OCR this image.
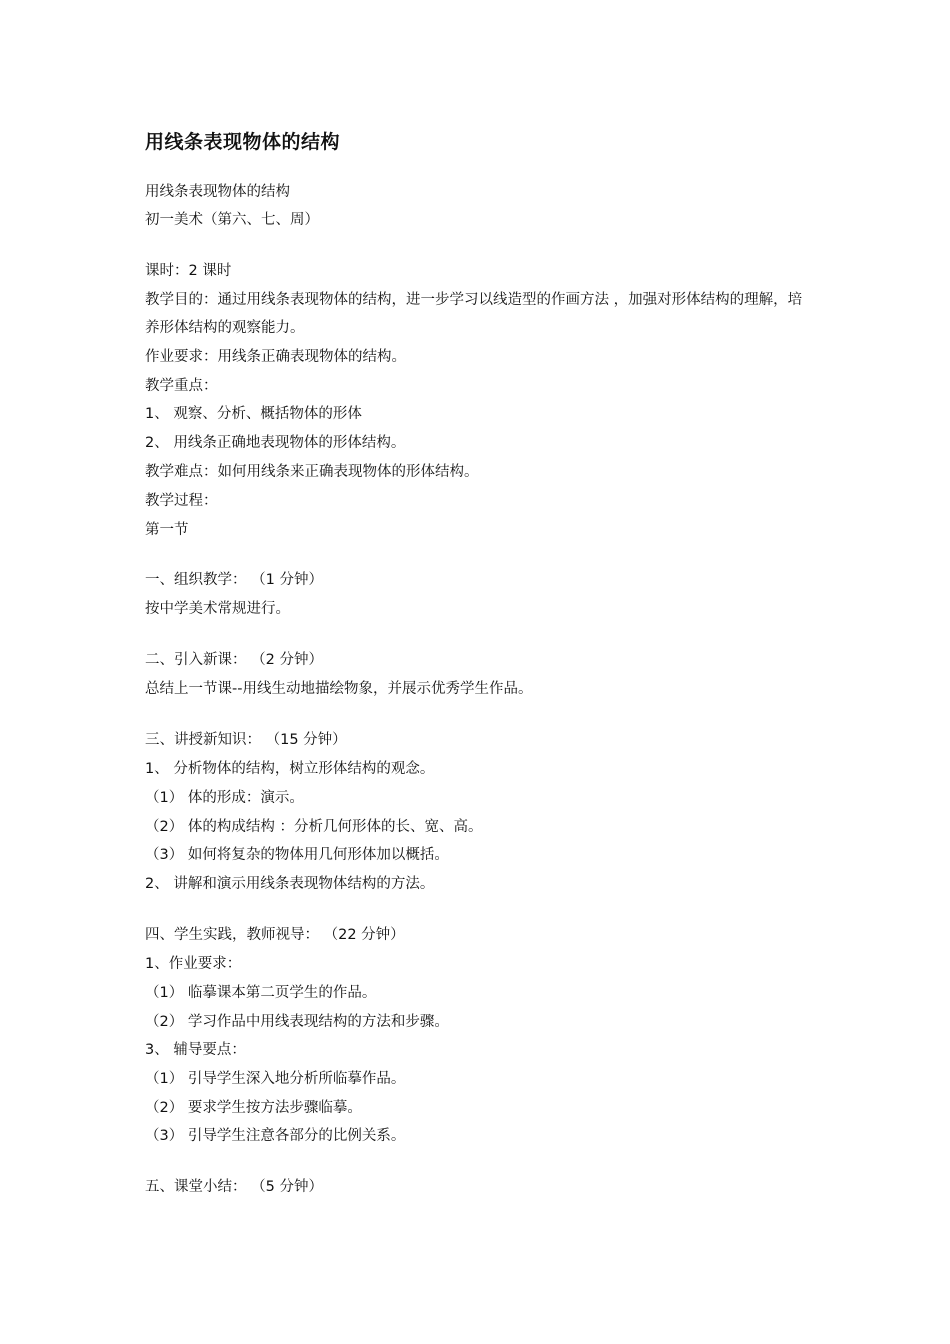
用线条表现物体的结构
用线条表现物体的结构
初一美术（第六、七、周）
课时：2 课时
教学目的：通过用线条表现物体的结构，进一步学习以线造型的作画方法 ，加强对形体结构的理解，培养形体结构的观察能力。
作业要求：用线条正确表现物体的结构。
教学重点：
1、 观察、分析、概括物体的形体
2、 用线条正确地表现物体的形体结构。
教学难点：如何用线条来正确表现物体的形体结构。
教学过程：
第一节
一、组织教学： （1 分钟）
按中学美术常规进行。
二、引入新课： （2 分钟）
总结上一节课--用线生动地描绘物象，并展示优秀学生作品。
三、讲授新知识： （15 分钟）
1、 分析物体的结构，树立形体结构的观念。
（1） 体的形成：演示。
（2） 体的构成结构 ：分析几何形体的长、宽、高。
（3） 如何将复杂的物体用几何形体加以概括。
2、 讲解和演示用线条表现物体结构的方法。
四、学生实践，教师视导： （22 分钟）
1、作业要求：
（1） 临摹课本第二页学生的作品。
（2） 学习作品中用线表现结构的方法和步骤。
3、 辅导要点：
（1） 引导学生深入地分析所临摹作品。
（2） 要求学生按方法步骤临摹。
（3） 引导学生注意各部分的比例关系。
五、课堂小结： （5 分钟）
